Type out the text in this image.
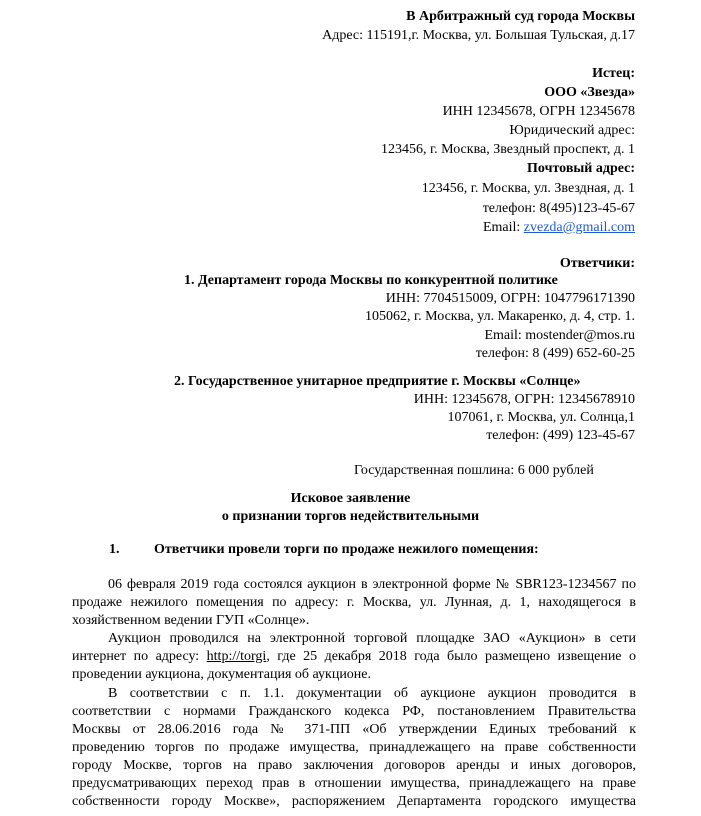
В Арбитражный суд города Москвы
Адрес: 115191,г. Москва, ул. Большая Тульская, д.17
Истец:
ООО «Звезда»
ИНН 12345678, ОГРН 12345678
Юридический адрес:
123456, г. Москва, Звездный проспект, д. 1
Почтовый адрес:
123456, г. Москва, ул. Звездная, д. 1
телефон: 8(495)123-45-67
Email: zvezda@gmail.com
Ответчики:
1. Департамент города Москвы по конкурентной политике
ИНН: 7704515009, ОГРН: 1047796171390
105062, г. Москва, ул. Макаренко, д. 4, стр. 1.
Email: mostender@mos.ru
телефон: 8 (499) 652-60-25
2. Государственное унитарное предприятие г. Москвы «Солнце»
ИНН: 12345678, ОГРН: 12345678910
107061, г. Москва, ул. Солнца,1
телефон: (499) 123-45-67
Государственная пошлина: 6 000 рублей
Исковое заявление
о признании торгов недействительными
1. Ответчики провели торги по продаже нежилого помещения:
06 февраля 2019 года состоялся аукцион в электронной форме № SBR123-1234567 по
продаже нежилого помещения по адресу: г. Москва, ул. Лунная, д. 1, находящегося в
хозяйственном ведении ГУП «Солнце».
Аукцион проводился на электронной торговой площадке ЗАО «Аукцион» в сети
интернет по адресу: http://torgi, где 25 декабря 2018 года было размещено извещение о
проведении аукциона, документация об аукционе.
В соответствии с п. 1.1. документации об аукционе аукцион проводится в
соответствии с нормами Гражданского кодекса РФ, постановлением Правительства
Москвы от 28.06.2016 года № 371-ПП «Об утверждении Единых требований к
проведению торгов по продаже имущества, принадлежащего на праве собственности
городу Москве, торгов на право заключения договоров аренды и иных договоров,
предусматривающих переход прав в отношении имущества, принадлежащего на праве
собственности городу Москве», распоряжением Департамента городского имущества
